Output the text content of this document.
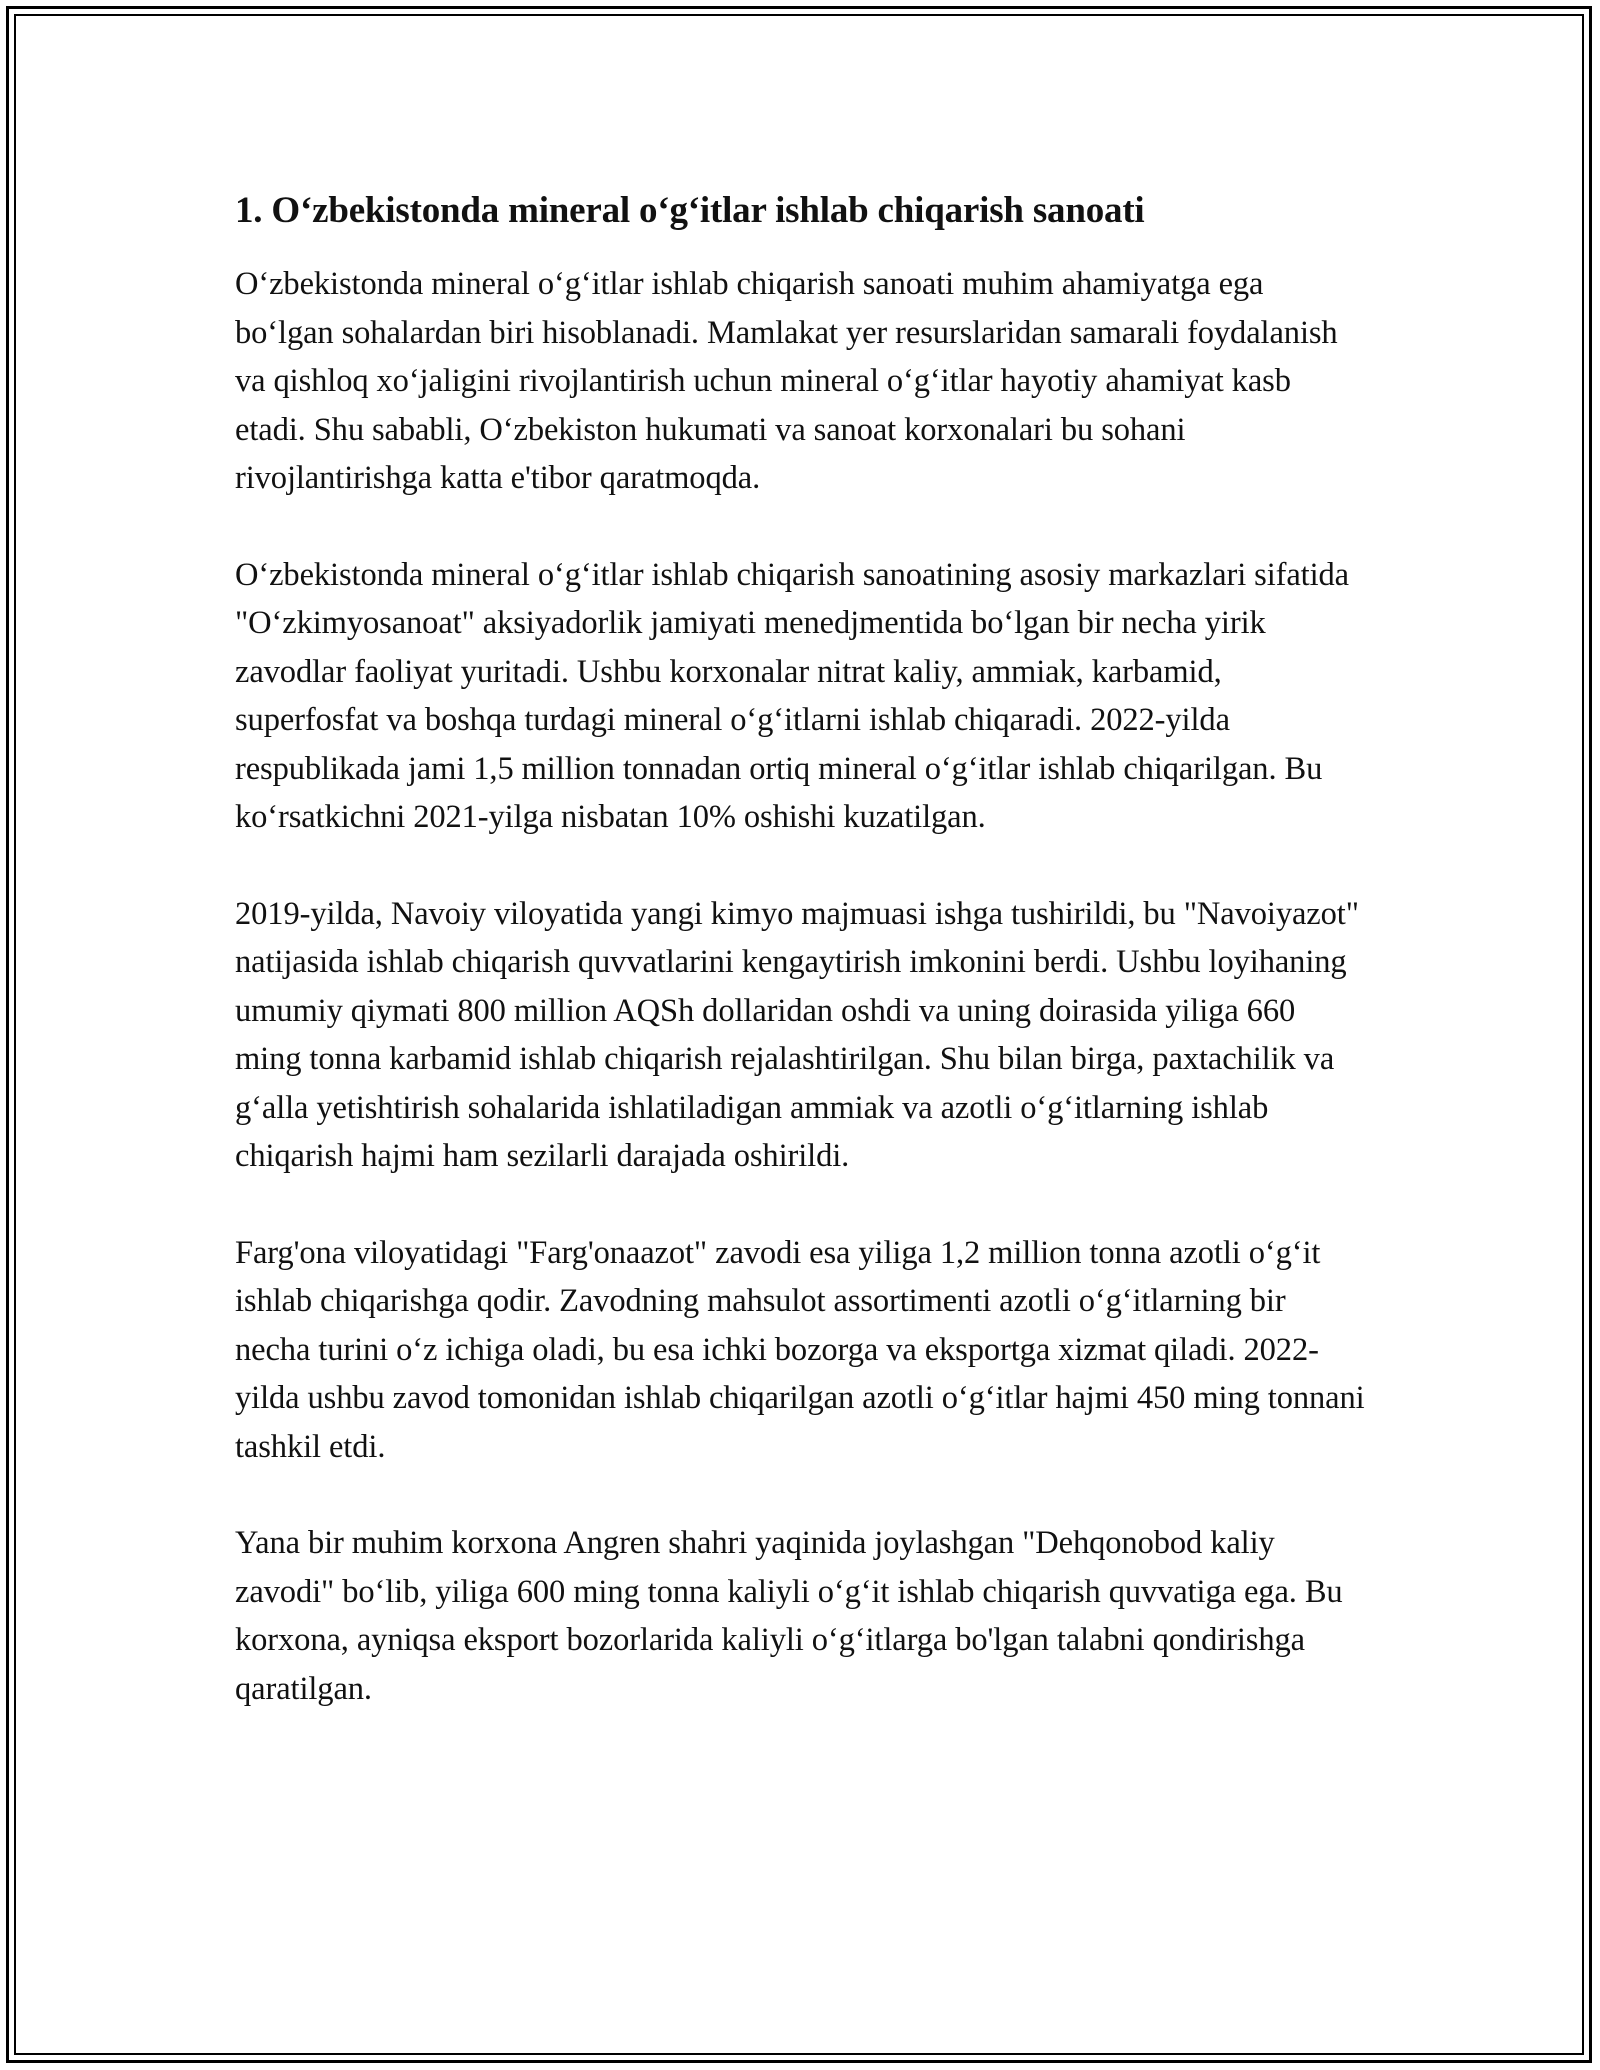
1. O‘zbekistonda mineral o‘g‘itlar ishlab chiqarish sanoati

O‘zbekistonda mineral o‘g‘itlar ishlab chiqarish sanoati muhim ahamiyatga ega bo‘lgan sohalardan biri hisoblanadi. Mamlakat yer resurslaridan samarali foydalanish va qishloq xo‘jaligini rivojlantirish uchun mineral o‘g‘itlar hayotiy ahamiyat kasb etadi. Shu sababli, O‘zbekiston hukumati va sanoat korxonalari bu sohani rivojlantirishga katta e'tibor qaratmoqda.

O‘zbekistonda mineral o‘g‘itlar ishlab chiqarish sanoatining asosiy markazlari sifatida "O‘zkimyosanoat" aksiyadorlik jamiyati menedjmentida bo‘lgan bir necha yirik zavodlar faoliyat yuritadi. Ushbu korxonalar nitrat kaliy, ammiak, karbamid, superfosfat va boshqa turdagi mineral o‘g‘itlarni ishlab chiqaradi. 2022-yilda respublikada jami 1,5 million tonnadan ortiq mineral o‘g‘itlar ishlab chiqarilgan. Bu ko‘rsatkichni 2021-yilga nisbatan 10% oshishi kuzatilgan.

2019-yilda, Navoiy viloyatida yangi kimyo majmuasi ishga tushirildi, bu "Navoiyazot" natijasida ishlab chiqarish quvvatlarini kengaytirish imkonini berdi. Ushbu loyihaning umumiy qiymati 800 million AQSh dollaridan oshdi va uning doirasida yiliga 660 ming tonna karbamid ishlab chiqarish rejalashtirilgan. Shu bilan birga, paxtachilik va g‘alla yetishtirish sohalarida ishlatiladigan ammiak va azotli o‘g‘itlarning ishlab chiqarish hajmi ham sezilarli darajada oshirildi.

Farg'ona viloyatidagi "Farg'onaazot" zavodi esa yiliga 1,2 million tonna azotli o‘g‘it ishlab chiqarishga qodir. Zavodning mahsulot assortimenti azotli o‘g‘itlarning bir necha turini o‘z ichiga oladi, bu esa ichki bozorga va eksportga xizmat qiladi. 2022-yilda ushbu zavod tomonidan ishlab chiqarilgan azotli o‘g‘itlar hajmi 450 ming tonnani tashkil etdi.

Yana bir muhim korxona Angren shahri yaqinida joylashgan "Dehqonobod kaliy zavodi" bo‘lib, yiliga 600 ming tonna kaliyli o‘g‘it ishlab chiqarish quvvatiga ega. Bu korxona, ayniqsa eksport bozorlarida kaliyli o‘g‘itlarga bo'lgan talabni qondirishga qaratilgan.
